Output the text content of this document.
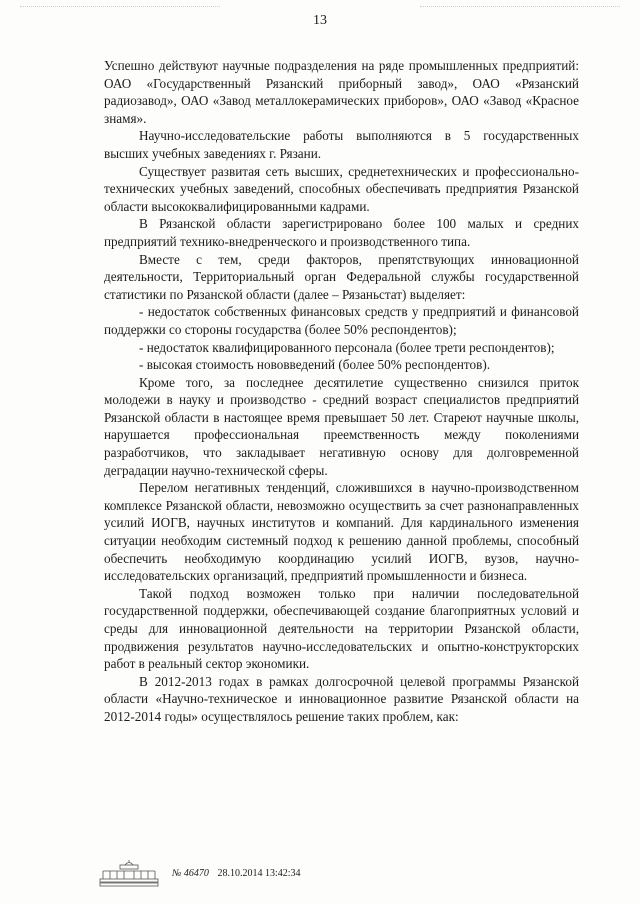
13

Успешно действуют научные подразделения на ряде промышленных предприятий: ОАО «Государственный Рязанский приборный завод», ОАО «Рязанский радиозавод», ОАО «Завод металлокерамических приборов», ОАО «Завод «Красное знамя».

Научно-исследовательские работы выполняются в 5 государственных высших учебных заведениях г. Рязани.

Существует развитая сеть высших, среднетехнических и профессионально-технических учебных заведений, способных обеспечивать предприятия Рязанской области высококвалифицированными кадрами.

В Рязанской области зарегистрировано более 100 малых и средних предприятий технико-внедренческого и производственного типа.

Вместе с тем, среди факторов, препятствующих инновационной деятельности, Территориальный орган Федеральной службы государственной статистики по Рязанской области (далее – Рязаньстат) выделяет:

- недостаток собственных финансовых средств у предприятий и финансовой поддержки со стороны государства (более 50% респондентов);

- недостаток квалифицированного персонала (более трети респондентов);

- высокая стоимость нововведений (более 50% респондентов).

Кроме того, за последнее десятилетие существенно снизился приток молодежи в науку и производство - средний возраст специалистов предприятий Рязанской области в настоящее время превышает 50 лет. Стареют научные школы, нарушается профессиональная преемственность между поколениями разработчиков, что закладывает негативную основу для долговременной деградации научно-технической сферы.

Перелом негативных тенденций, сложившихся в научно-производственном комплексе Рязанской области, невозможно осуществить за счет разнонаправленных усилий ИОГВ, научных институтов и компаний. Для кардинального изменения ситуации необходим системный подход к решению данной проблемы, способный обеспечить необходимую координацию усилий ИОГВ, вузов, научно-исследовательских организаций, предприятий промышленности и бизнеса.

Такой подход возможен только при наличии последовательной государственной поддержки, обеспечивающей создание благоприятных условий и среды для инновационной деятельности на территории Рязанской области, продвижения результатов научно-исследовательских и опытно-конструкторских работ в реальный сектор экономики.

В 2012-2013 годах в рамках долгосрочной целевой программы Рязанской области «Научно-техническое и инновационное развитие Рязанской области на 2012-2014 годы» осуществлялось решение таких проблем, как:

№ 46470 28.10.2014 13:42:34
